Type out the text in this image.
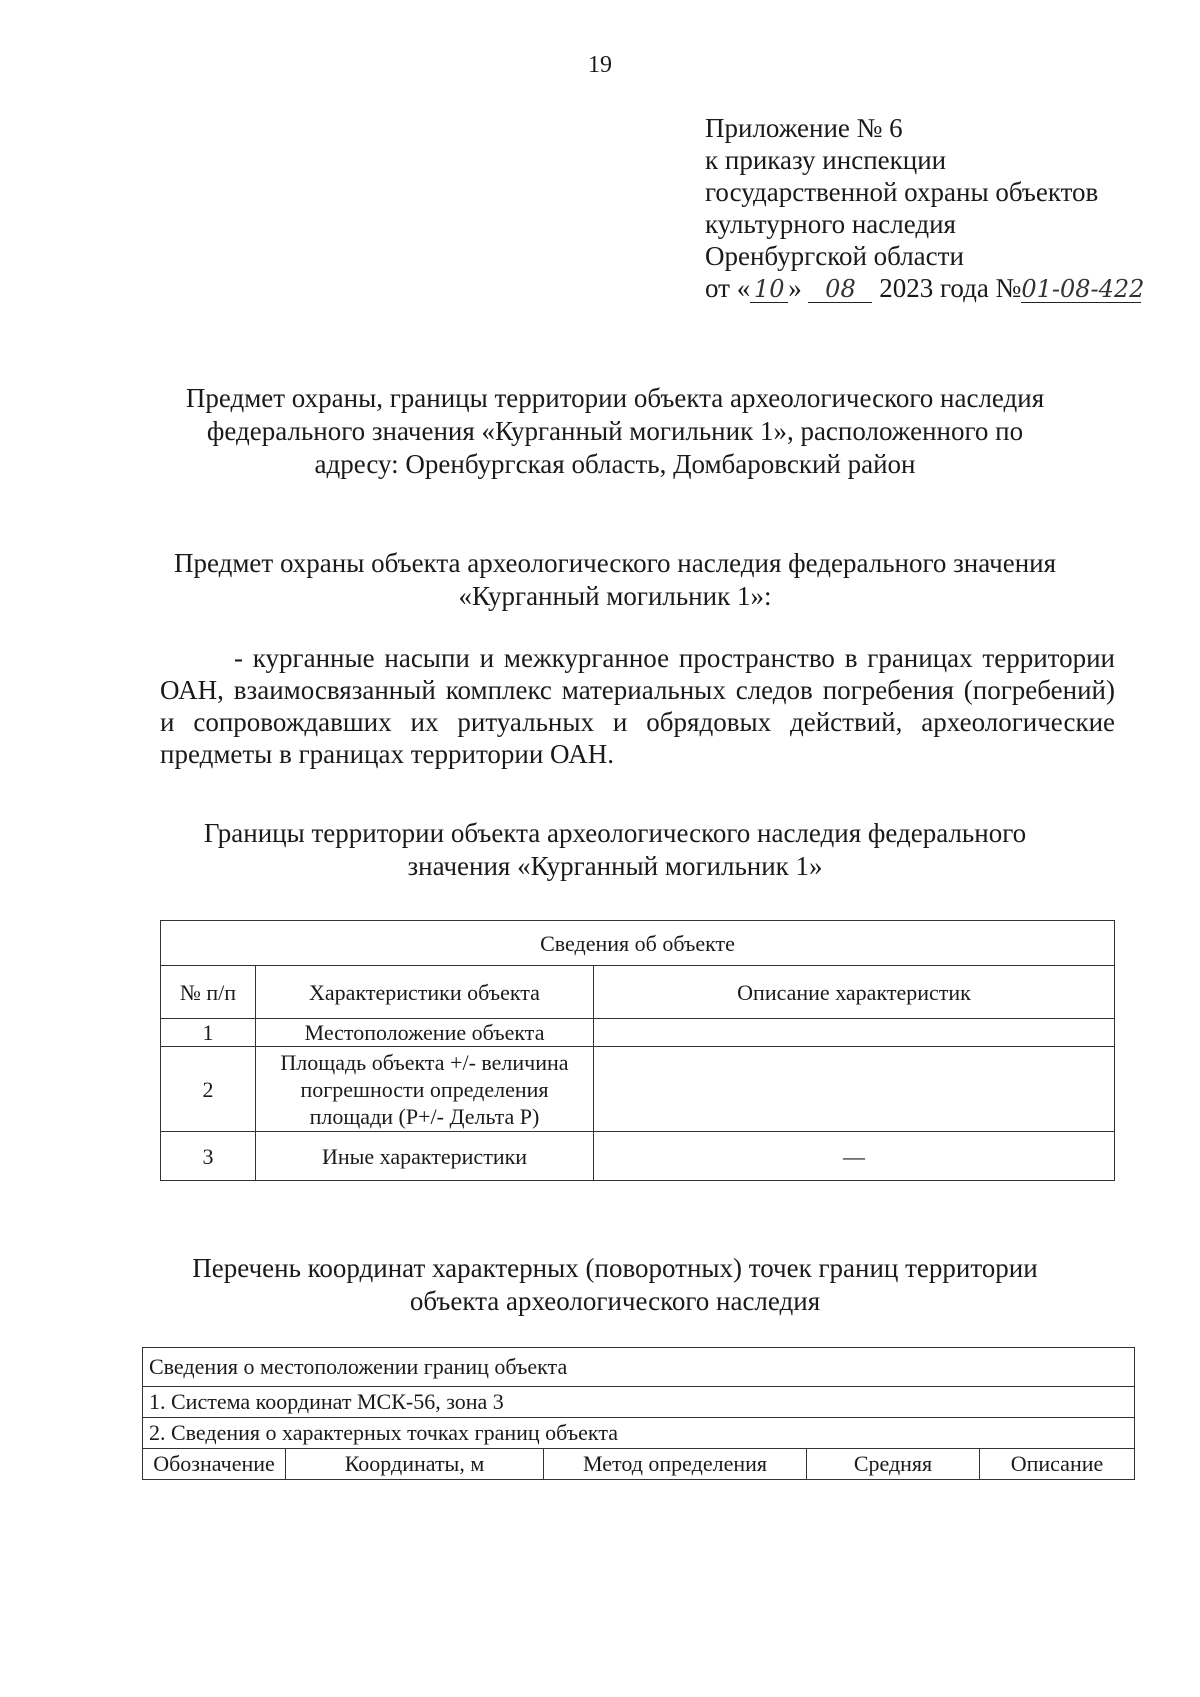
19
Приложение № 6
к приказу инспекции
государственной охраны объектов
культурного наследия
Оренбургской области
от « 10 » 08 2023 года №01-08-422
Предмет охраны, границы территории объекта археологического наследия
федерального значения «Курганный могильник 1», расположенного по
адресу: Оренбургская область, Домбаровский район
Предмет охраны объекта археологического наследия федерального значения
«Курганный могильник 1»:

- курганные насыпи и межкурганное пространство в границах территории ОАН, взаимосвязанный комплекс материальных следов погребения (погребений) и сопровождавших их ритуальных и обрядовых действий, археологические предметы в границах территории ОАН.

Границы территории объекта археологического наследия федерального
значения «Курганный могильник 1»
Сведения об объекте		
№ п/п	Характеристики объекта	Описание характеристик
1	Местоположение объекта	
2	Площадь объекта +/- величина погрешности определения площади (Р+/- Дельта Р)	
3	Иные характеристики	—
Перечень координат характерных (поворотных) точек границ территории
объекта археологического наследия
Сведения о местоположении границ объекта
1. Система координат МСК-56, зона 3
2. Сведения о характерных точках границ объекта
Обозначение	Координаты, м	Метод определения	Средняя	Описание
